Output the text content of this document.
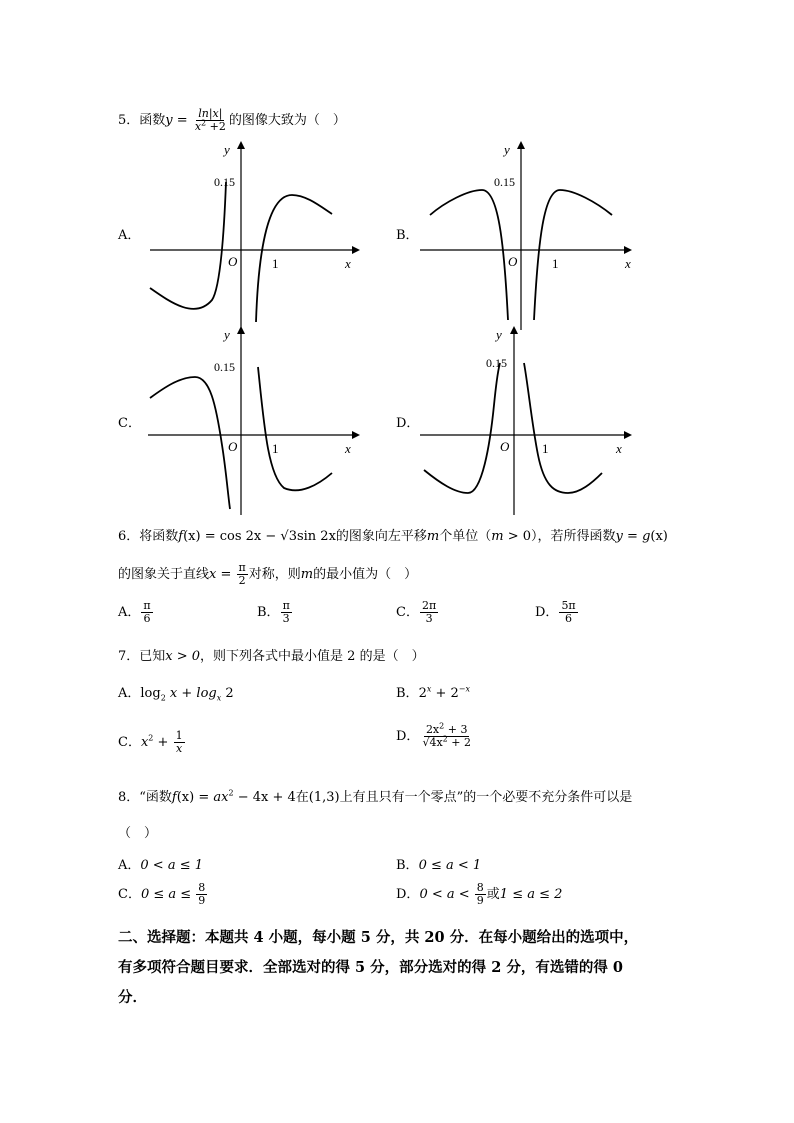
5．函数$y = \frac{\ln|x|}{x^2 +2}$ 的图像大致为（　）
A．
0.15
1
O	x
y
B．
0.15
1
O	x
y
C．
0.15
1
O	x
y
D．
0.15
1
O	x
y
6．将函数f(x) = cos 2x − √3sin 2x的图象向左平移m个单位（m > 0），若所得函数y = g(x)
的图象关于直线$x = \frac{\pi}{2}$ 对称，则m的最小值为（　）
A． $\frac{\pi}{6}$	B． $\frac{\pi}{3}$	C． $\frac{2\pi}{3}$	D． $\frac{5\pi}{6}$
7．已知x > 0，则下列各式中最小值是 2 的是（　）
A．$\log_2 x + \log_x 2$	B．$2^x + 2^{-x}$
C．$x^2 + \frac{1}{x}$	D． $\frac{2x^2 + 3}{√4x^2 + 2}$
8．“函数$f(x) = ax^2 - 4x + 4$在(1,3)上有且只有一个零点”的一个必要不充分条件可以是
（　）
A．0 < a ≤ 1	B．0 ≤ a < 1
C．$0 \le a \le \frac{8}{9}$	D．$0 < a < \frac{8}{9}$ 或1 ≤ a ≤ 2
二、选择题：本题共 4 小题，每小题 5 分，共 20 分．在每小题给出的选项中，
有多项符合题目要求．全部选对的得 5 分，部分选对的得 2 分，有选错的得 0
分．
